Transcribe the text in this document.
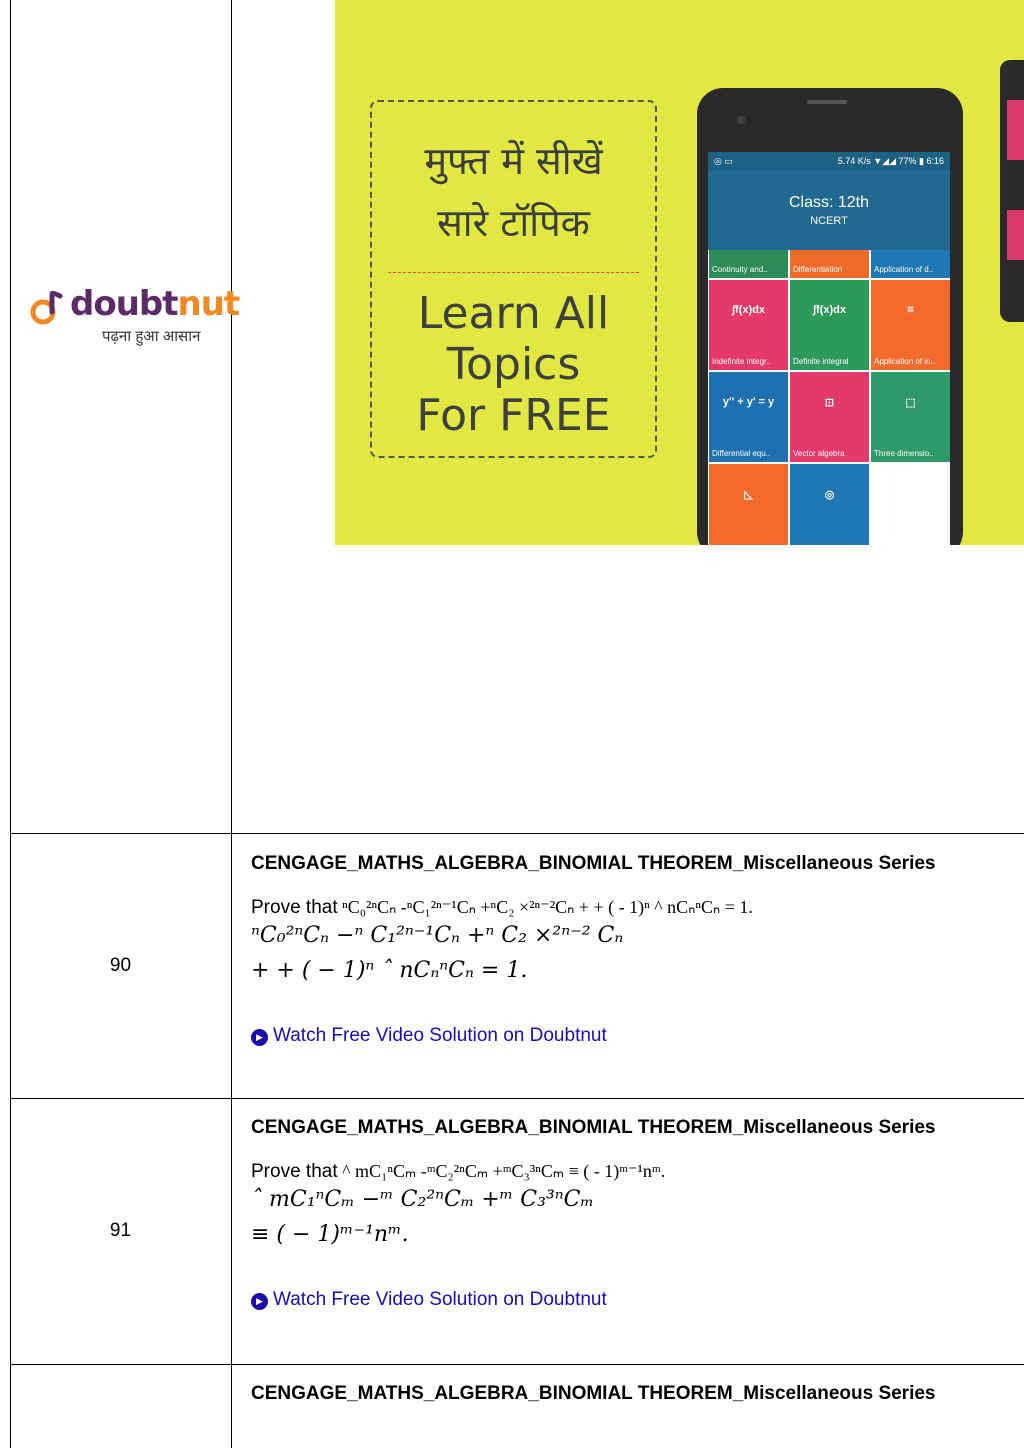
doubtnut
पढ़ना हुआ आसान
मुफ्त में सीखें
सारे टॉपिक
Learn All
Topics
For FREE
◎ ▭	5.74 K/s ▼◢◢ 77% ▮ 6:16
Class: 12th
NCERT
Continuity and..	Differentiation	Application of d..
∫f(x)dx
Indefinite integr..
∫f(x)dx
Definite integral
⌗
Application of in..
y'' + y' = y
Differential equ..
⊡
Vector algebra
⬚
Three dimensio..
◺	◎
90
CENGAGE_MATHS_ALGEBRA_BINOMIAL THEOREM_Miscellaneous Series
Prove that ⁿC₀²ⁿCₙ -ⁿC₁²ⁿ⁻¹Cₙ +ⁿC₂ ×²ⁿ⁻²Cₙ + + ( - 1)ⁿ ^ nCₙⁿCₙ = 1.
ⁿC₀²ⁿCₙ −ⁿ C₁²ⁿ⁻¹Cₙ +ⁿ C₂ ×²ⁿ⁻² Cₙ
+ + ( − 1)ⁿ ˆ nCₙⁿCₙ = 1.
▶ Watch Free Video Solution on Doubtnut
91
CENGAGE_MATHS_ALGEBRA_BINOMIAL THEOREM_Miscellaneous Series
Prove that ^ mC₁ⁿCₘ -ᵐC₂²ⁿCₘ +ᵐC₃³ⁿCₘ ≡ ( - 1)ᵐ⁻¹nᵐ.
ˆ mC₁ⁿCₘ −ᵐ C₂²ⁿCₘ +ᵐ C₃³ⁿCₘ
≡ ( − 1)ᵐ⁻¹nᵐ.
▶ Watch Free Video Solution on Doubtnut
CENGAGE_MATHS_ALGEBRA_BINOMIAL THEOREM_Miscellaneous Series
